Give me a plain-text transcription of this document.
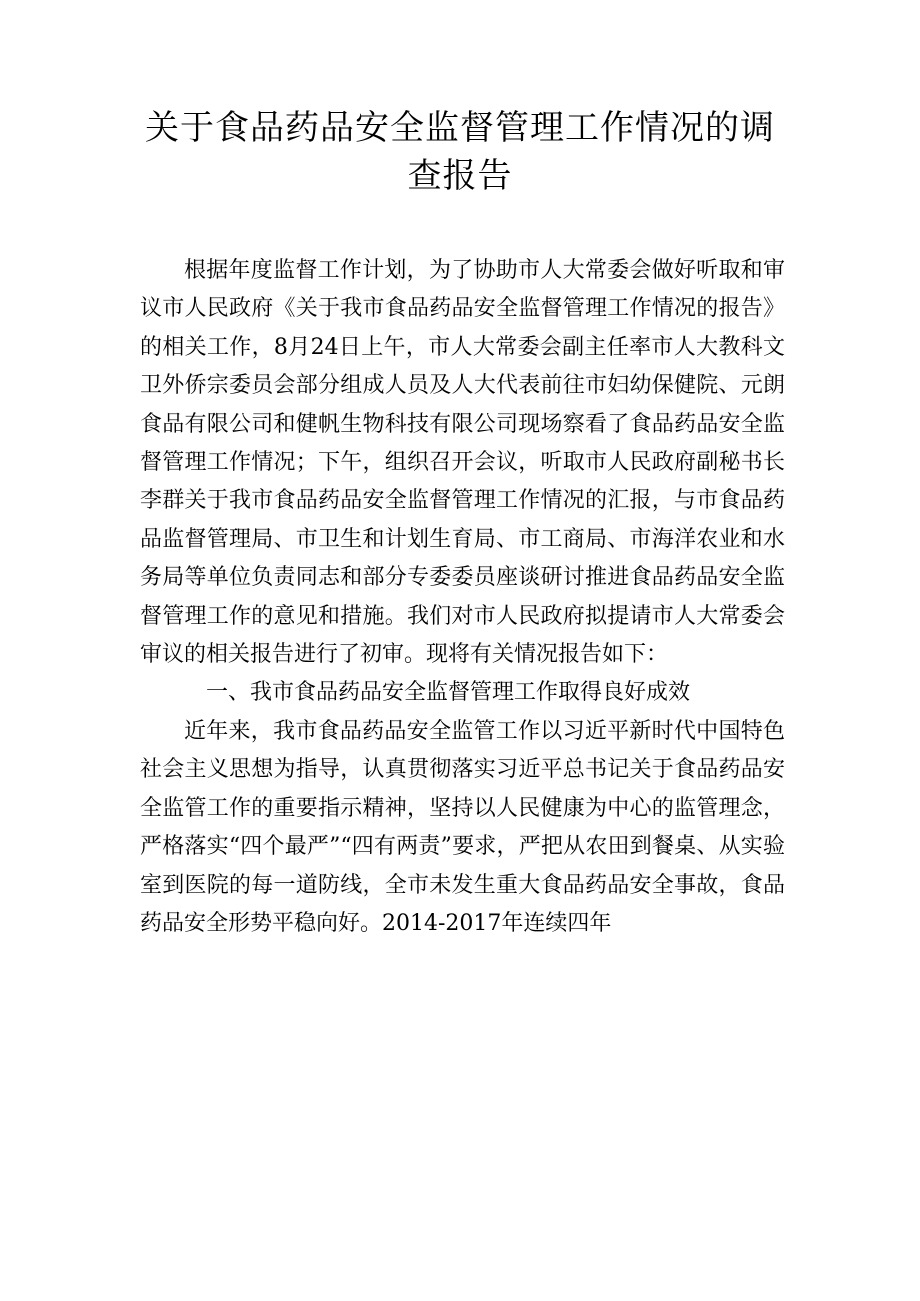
关于食品药品安全监督管理工作情况的调查报告

根据年度监督工作计划，为了协助市人大常委会做好听取和审议市人民政府《关于我市食品药品安全监督管理工作情况的报告》的相关工作，8月24日上午，市人大常委会副主任率市人大教科文卫外侨宗委员会部分组成人员及人大代表前往市妇幼保健院、元朗食品有限公司和健帆生物科技有限公司现场察看了食品药品安全监督管理工作情况；下午，组织召开会议，听取市人民政府副秘书长李群关于我市食品药品安全监督管理工作情况的汇报，与市食品药品监督管理局、市卫生和计划生育局、市工商局、市海洋农业和水务局等单位负责同志和部分专委委员座谈研讨推进食品药品安全监督管理工作的意见和措施。我们对市人民政府拟提请市人大常委会审议的相关报告进行了初审。现将有关情况报告如下：

一、我市食品药品安全监督管理工作取得良好成效

近年来，我市食品药品安全监管工作以习近平新时代中国特色社会主义思想为指导，认真贯彻落实习近平总书记关于食品药品安全监管工作的重要指示精神，坚持以人民健康为中心的监管理念，严格落实“四个最严”“四有两责”要求，严把从农田到餐桌、从实验室到医院的每一道防线，全市未发生重大食品药品安全事故，食品药品安全形势平稳向好。2014-2017年连续四年
